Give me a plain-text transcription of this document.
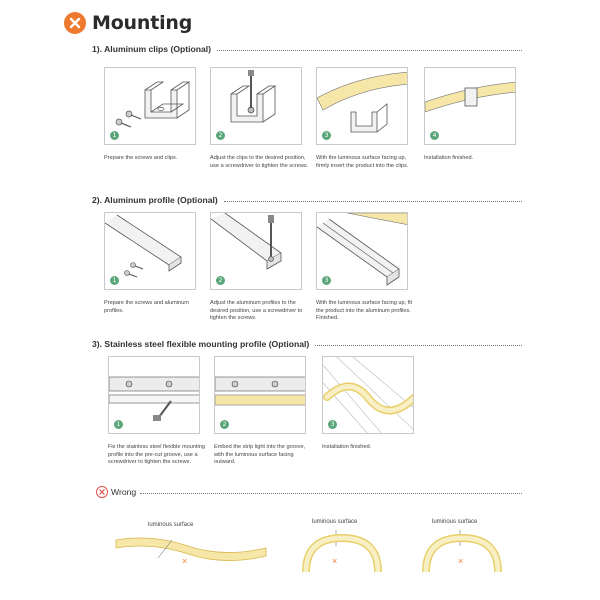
Mounting
1). Aluminum clips (Optional)
1
Prepare the screws and clips.
2
Adjust the clips to the desired position, use a screwdriver to tighten the screws.
3
With the luminous surface facing up, firmly insert the product into the clips.
4
Installation finished.
2). Aluminum profile (Optional)
1
Prepare the screws and aluminum profiles.
2
Adjust the aluminum profiles to the desired position, use a screwdriver to tighten the screws.
3
With the luminous surface facing up, fit the product into the aluminum profiles. Finished.
3). Stainless steel flexible mounting profile (Optional)
1
Fix the stainless steel flexible mounting profile into the pre-cut groove, use a screwdriver to tighten the screws.
2
Embed the strip light into the groove, with the luminous surface facing outward.
3
Installation finished.
Wrong
luminous surface
×
luminous surface
×
luminous surface
×
